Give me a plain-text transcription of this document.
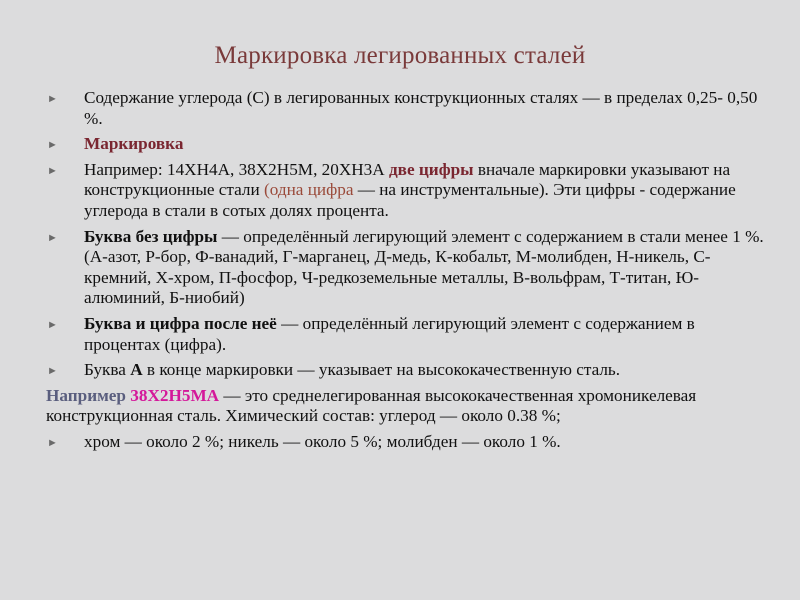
Маркировка легированных сталей
► Содержание углерода (С) в легированных конструкционных сталях — в пределах 0,25- 0,50 %.
► Маркировка
► Например: 14ХН4А, 38Х2Н5М, 20ХН3А две цифры вначале маркировки указывают на конструкционные стали (одна цифра — на инструментальные). Эти цифры - содержание углерода в стали в сотых долях процента.
► Буква без цифры — определённый легирующий элемент с содержанием в стали менее 1 %.(А-азот, Р-бор, Ф-ванадий, Г-марганец, Д-медь, К-кобальт, М-молибден, Н-никель, С-кремний, Х-хром, П-фосфор, Ч-редкоземельные металлы, В-вольфрам, Т-титан, Ю-алюминий, Б-ниобий)
► Буква и цифра после неё — определённый легирующий элемент с содержанием в процентах (цифра).
► Буква А в конце маркировки — указывает на высококачественную сталь.
Например 38Х2Н5МА — это среднелегированная высококачественная хромоникелевая конструкционная сталь. Химический состав: углерод — около 0.38 %;
► хром — около 2 %; никель — около 5 %; молибден — около 1 %.
